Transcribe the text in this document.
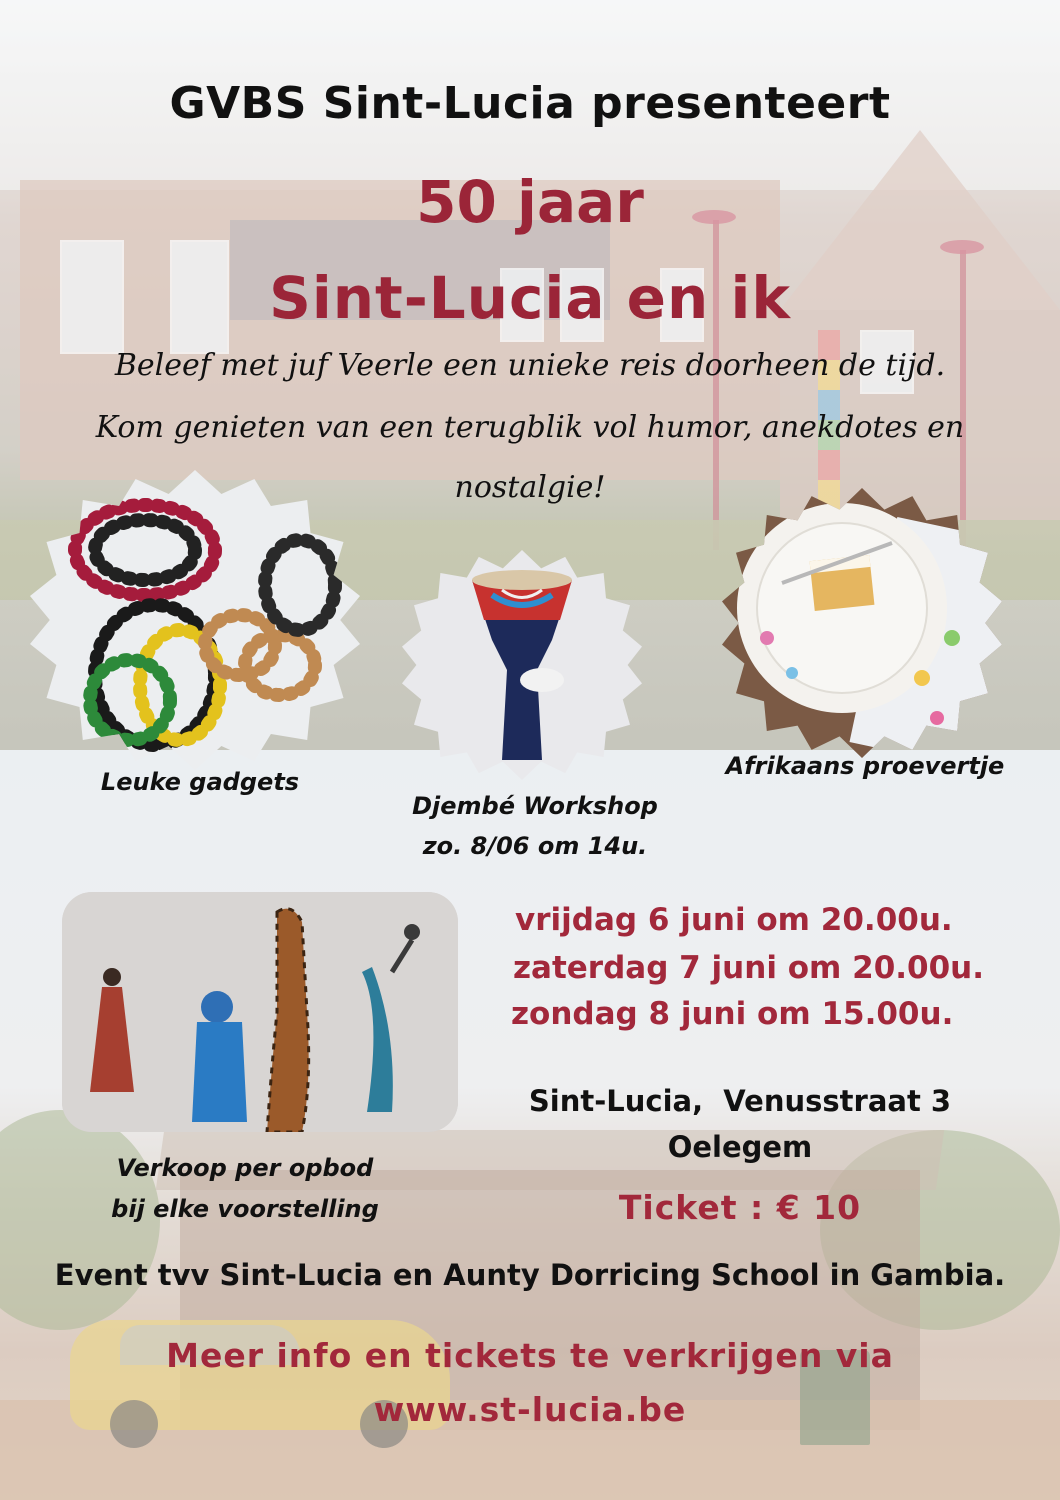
GVBS Sint-Lucia presenteert

50 jaar

Sint-Lucia en ik

Beleef met juf Veerle een unieke reis doorheen de tijd.

Kom genieten van een terugblik vol humor, anekdotes en

nostalgie!

Leuke gadgets

Djembé Workshop

zo. 8/06 om 14u.

Afrikaans proevertje

Verkoop per opbod

bij elke voorstelling

vrijdag 6 juni om 20.00u.

zaterdag 7 juni om 20.00u.

zondag 8 juni om 15.00u.

Sint-Lucia,  Venusstraat 3

Oelegem

Ticket : € 10

Event tvv Sint-Lucia en Aunty Dorricing School in Gambia.

Meer info en tickets te verkrijgen via

www.st-lucia.be
